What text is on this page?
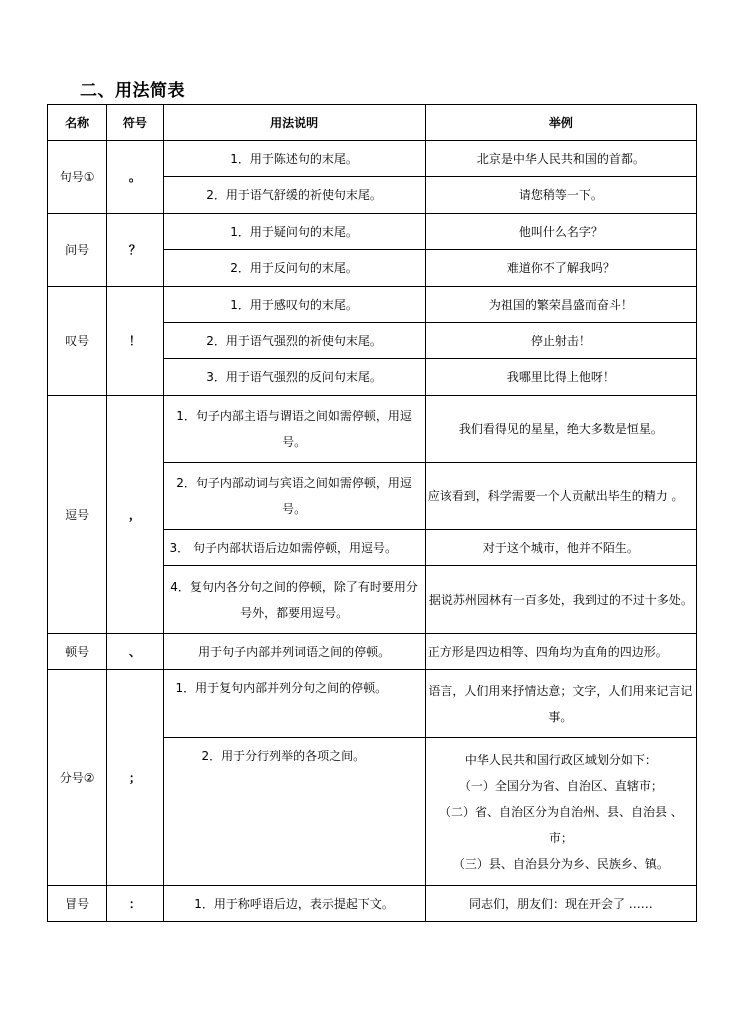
二、用法简表
名称	符号	用法说明	举例
句号①	。	1．用于陈述句的末尾。	北京是中华人民共和国的首都。
		2．用于语气舒缓的祈使句末尾。	请您稍等一下。
问号	？	1．用于疑问句的末尾。	他叫什么名字？
		2．用于反问句的末尾。	难道你不了解我吗？
叹号	！	1．用于感叹句的末尾。	为祖国的繁荣昌盛而奋斗！
		2．用于语气强烈的祈使句末尾。	停止射击！
		3．用于语气强烈的反问句末尾。	我哪里比得上他呀！
逗号	，	1．句子内部主语与谓语之间如需停顿，用逗号。	我们看得见的星星，绝大多数是恒星。

		2．句子内部动词与宾语之间如需停顿，用逗号。	应该看到，科学需要一个人贡献出毕生的精力 。
		3． 句子内部状语后边如需停顿，用逗号。	对于这个城市，他并不陌生。

		4．复句内各分句之间的停顿，除了有时要用分号外，都要用逗号。	据说苏州园林有一百多处，我到过的不过十多处。

顿号	、	用于句子内部并列词语之间的停顿。	正方形是四边相等、四角均为直角的四边形。
分号②	；	1．用于复句内部并列分句之间的停顿。	语言，人们用来抒情达意；文字，人们用来记言记事。

		2．用于分行列举的各项之间。	中华人民共和国行政区域划分如下：
（一）全国分为省、自治区、直辖市；
（二）省、自治区分为自治州、县、自治县 、市；
（三）县、自治县分为乡、民族乡、镇。

冒号	：	1．用于称呼语后边，表示提起下文。	同志们，朋友们：现在开会了 ……
